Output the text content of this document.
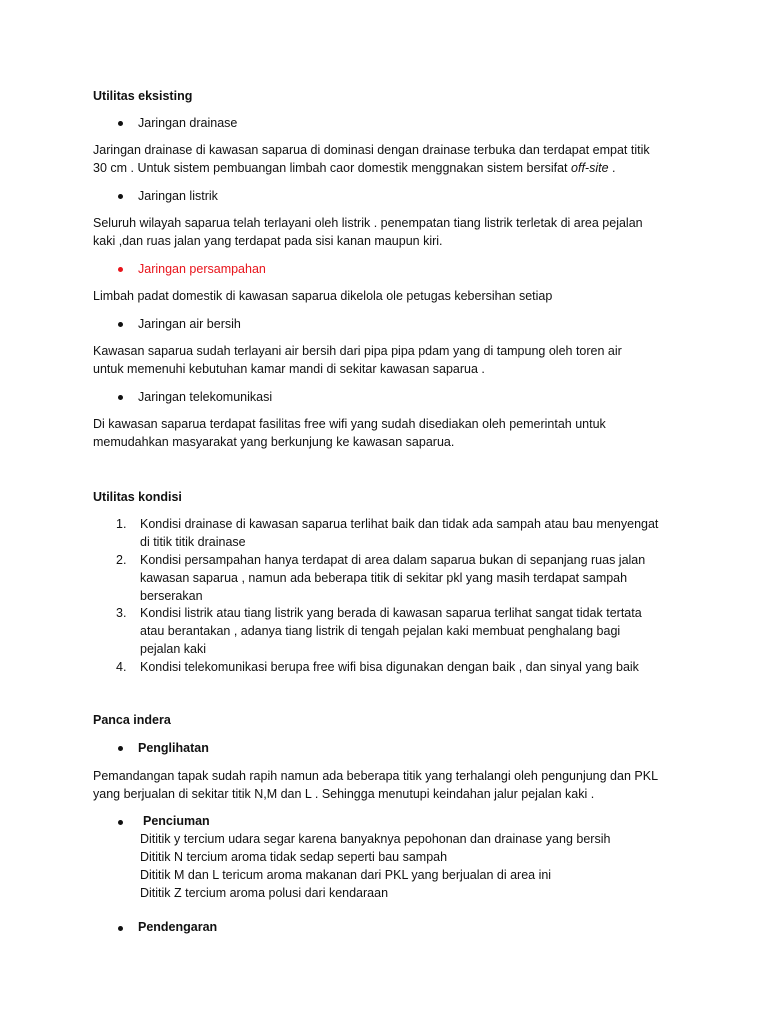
Utilitas eksisting
Jaringan drainase
Jaringan drainase di kawasan saparua di dominasi dengan drainase terbuka dan terdapat empat titik
30 cm . Untuk sistem pembuangan limbah caor domestik menggnakan sistem bersifat off-site .
Jaringan listrik
Seluruh wilayah saparua telah terlayani oleh listrik . penempatan tiang listrik terletak di area pejalan
kaki ,dan ruas jalan yang terdapat pada sisi kanan maupun kiri.
Jaringan persampahan
Limbah padat domestik di kawasan saparua dikelola ole petugas kebersihan setiap
Jaringan air bersih
Kawasan saparua sudah terlayani air bersih dari pipa pipa pdam yang di tampung oleh toren air
untuk memenuhi kebutuhan kamar mandi di sekitar kawasan saparua .
Jaringan telekomunikasi
Di kawasan saparua terdapat fasilitas free wifi yang sudah disediakan oleh pemerintah untuk
memudahkan masyarakat yang berkunjung ke kawasan saparua.
Utilitas kondisi
1. Kondisi drainase di kawasan saparua terlihat baik dan tidak ada sampah atau bau menyengat
di titik titik drainase
2. Kondisi persampahan hanya terdapat di area dalam saparua bukan di sepanjang ruas jalan
kawasan saparua , namun ada beberapa titik di sekitar pkl yang masih terdapat sampah
berserakan
3. Kondisi listrik atau tiang listrik yang berada di kawasan saparua terlihat sangat tidak tertata
atau berantakan , adanya tiang listrik di tengah pejalan kaki membuat penghalang bagi
pejalan kaki
4. Kondisi telekomunikasi berupa free wifi bisa digunakan dengan baik , dan sinyal yang baik
Panca indera
Penglihatan
Pemandangan tapak sudah rapih namun ada beberapa titik yang terhalangi oleh pengunjung dan PKL
yang berjualan di sekitar titik N,M dan L . Sehingga menutupi keindahan jalur pejalan kaki .
Penciuman
Dititik y tercium udara segar karena banyaknya pepohonan dan drainase yang bersih
Dititik N tercium aroma tidak sedap seperti bau sampah
Dititik M dan L tericum aroma makanan dari PKL yang berjualan di area ini
Dititik Z tercium aroma polusi dari kendaraan
Pendengaran
